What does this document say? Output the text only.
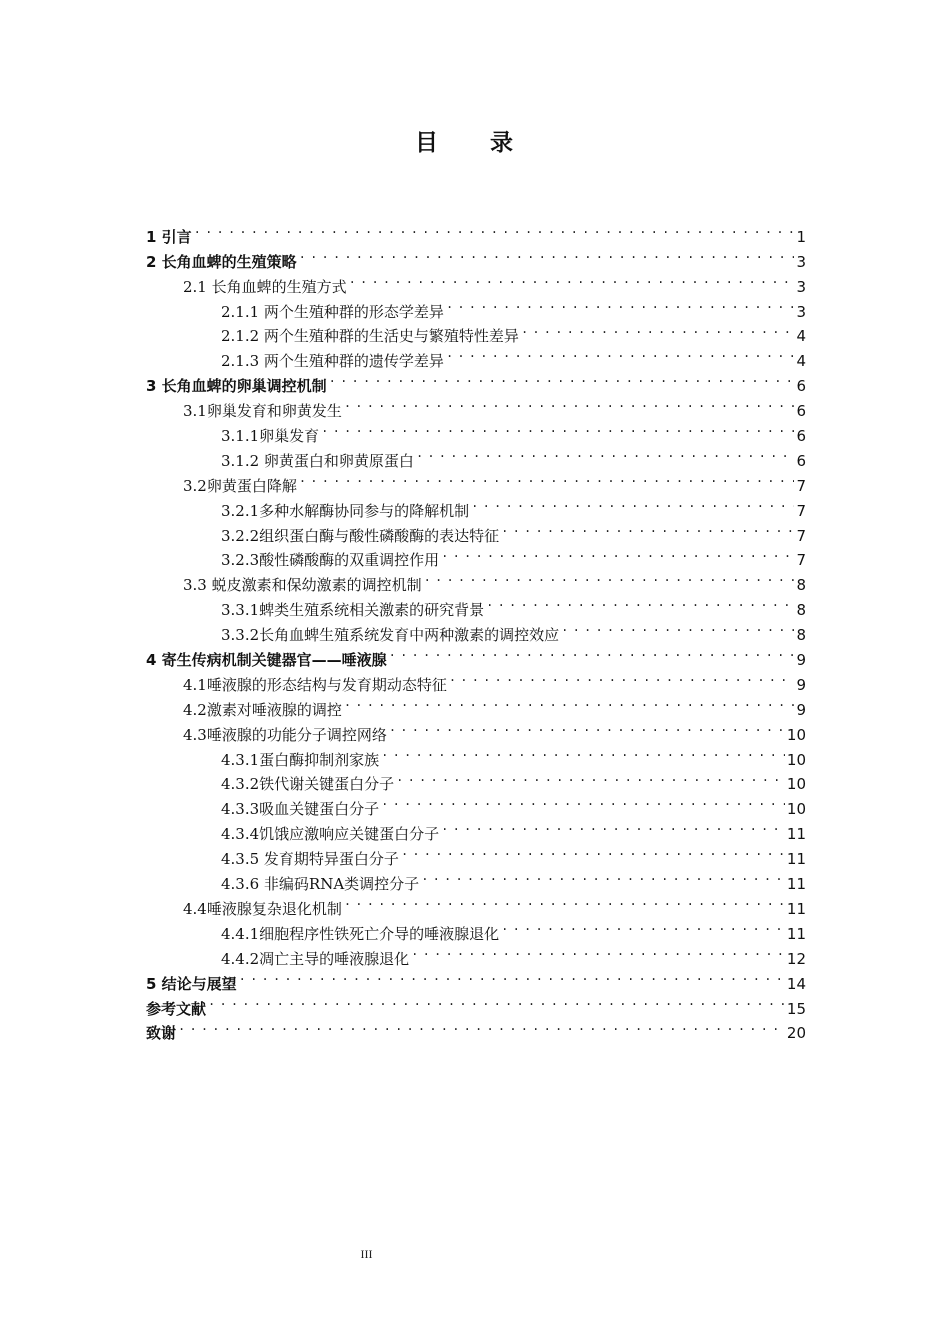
目 录
1 引言 .....	1
2 长角血蜱的生殖策略 .....	3
2.1 长角血蜱的生殖方式 .....	3
2.1.1 两个生殖种群的形态学差异 .....	3
2.1.2 两个生殖种群的生活史与繁殖特性差异 .....	4
2.1.3 两个生殖种群的遗传学差异 .....	4
3 长角血蜱的卵巢调控机制 .....	6
3.1卵巢发育和卵黄发生 .....	6
3.1.1卵巢发育 .....	6
3.1.2 卵黄蛋白和卵黄原蛋白 .....	6
3.2卵黄蛋白降解 .....	7
3.2.1多种水解酶协同参与的降解机制 .....	7
3.2.2组织蛋白酶与酸性磷酸酶的表达特征 .....	7
3.2.3酸性磷酸酶的双重调控作用 .....	7
3.3 蜕皮激素和保幼激素的调控机制 .....	8
3.3.1蜱类生殖系统相关激素的研究背景 .....	8
3.3.2长角血蜱生殖系统发育中两种激素的调控效应 .....	8
4 寄生传病机制关键器官——唾液腺 .....	9
4.1唾液腺的形态结构与发育期动态特征 .....	9
4.2激素对唾液腺的调控 .....	9
4.3唾液腺的功能分子调控网络 .....	10
4.3.1蛋白酶抑制剂家族 .....	10
4.3.2铁代谢关键蛋白分子 .....	10
4.3.3吸血关键蛋白分子 .....	10
4.3.4饥饿应激响应关键蛋白分子 .....	11
4.3.5 发育期特异蛋白分子 .....	11
4.3.6 非编码RNA类调控分子 .....	11
4.4唾液腺复杂退化机制 .....	11
4.4.1细胞程序性铁死亡介导的唾液腺退化 .....	11
4.4.2凋亡主导的唾液腺退化 .....	12
5 结论与展望 .....	14
参考文献 .....	15
致谢 .....	20
III
